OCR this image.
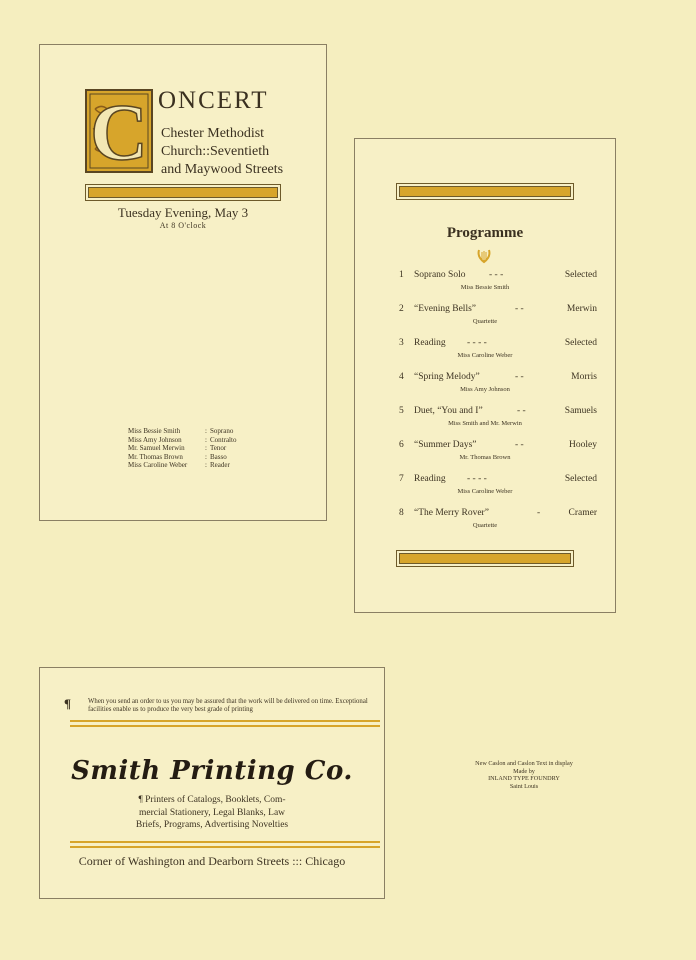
C ONCERT
Chester Methodist
Church::Seventieth
and Maywood Streets
Tuesday Evening, May 3
At 8 O'clock
Miss Bessie Smith	: Soprano
Miss Amy Johnson	: Contralto
Mr. Samuel Merwin	: Tenor
Mr. Thomas Brown	: Basso
Miss Caroline Weber	: Reader
Programme
1 Soprano Solo - - -	Selected
Miss Bessie Smith
2 “Evening Bells”	- -	Merwin
Quartette
3 Reading - - - -	Selected
Miss Caroline Weber
4 “Spring Melody”	- -	Morris
Miss Amy Johnson
5 Duet, “You and I”	- -	Samuels
Miss Smith and Mr. Merwin
6 “Summer Days”	- -	Hooley
Mr. Thomas Brown
7 Reading - - - -	Selected
Miss Caroline Weber
8 “The Merry Rover”	-	Cramer
Quartette
¶ When you send an order to us you may be assured that the work will be delivered on time. Exceptional facilities enable us to produce the very best grade of printing
Smith Printing Co.
¶ Printers of Catalogs, Booklets, Com-
mercial Stationery, Legal Blanks, Law
Briefs, Programs, Advertising Novelties
Corner of Washington and Dearborn Streets ::: Chicago
New Caslon and Caslon Text in display
Made by
INLAND TYPE FOUNDRY
Saint Louis
